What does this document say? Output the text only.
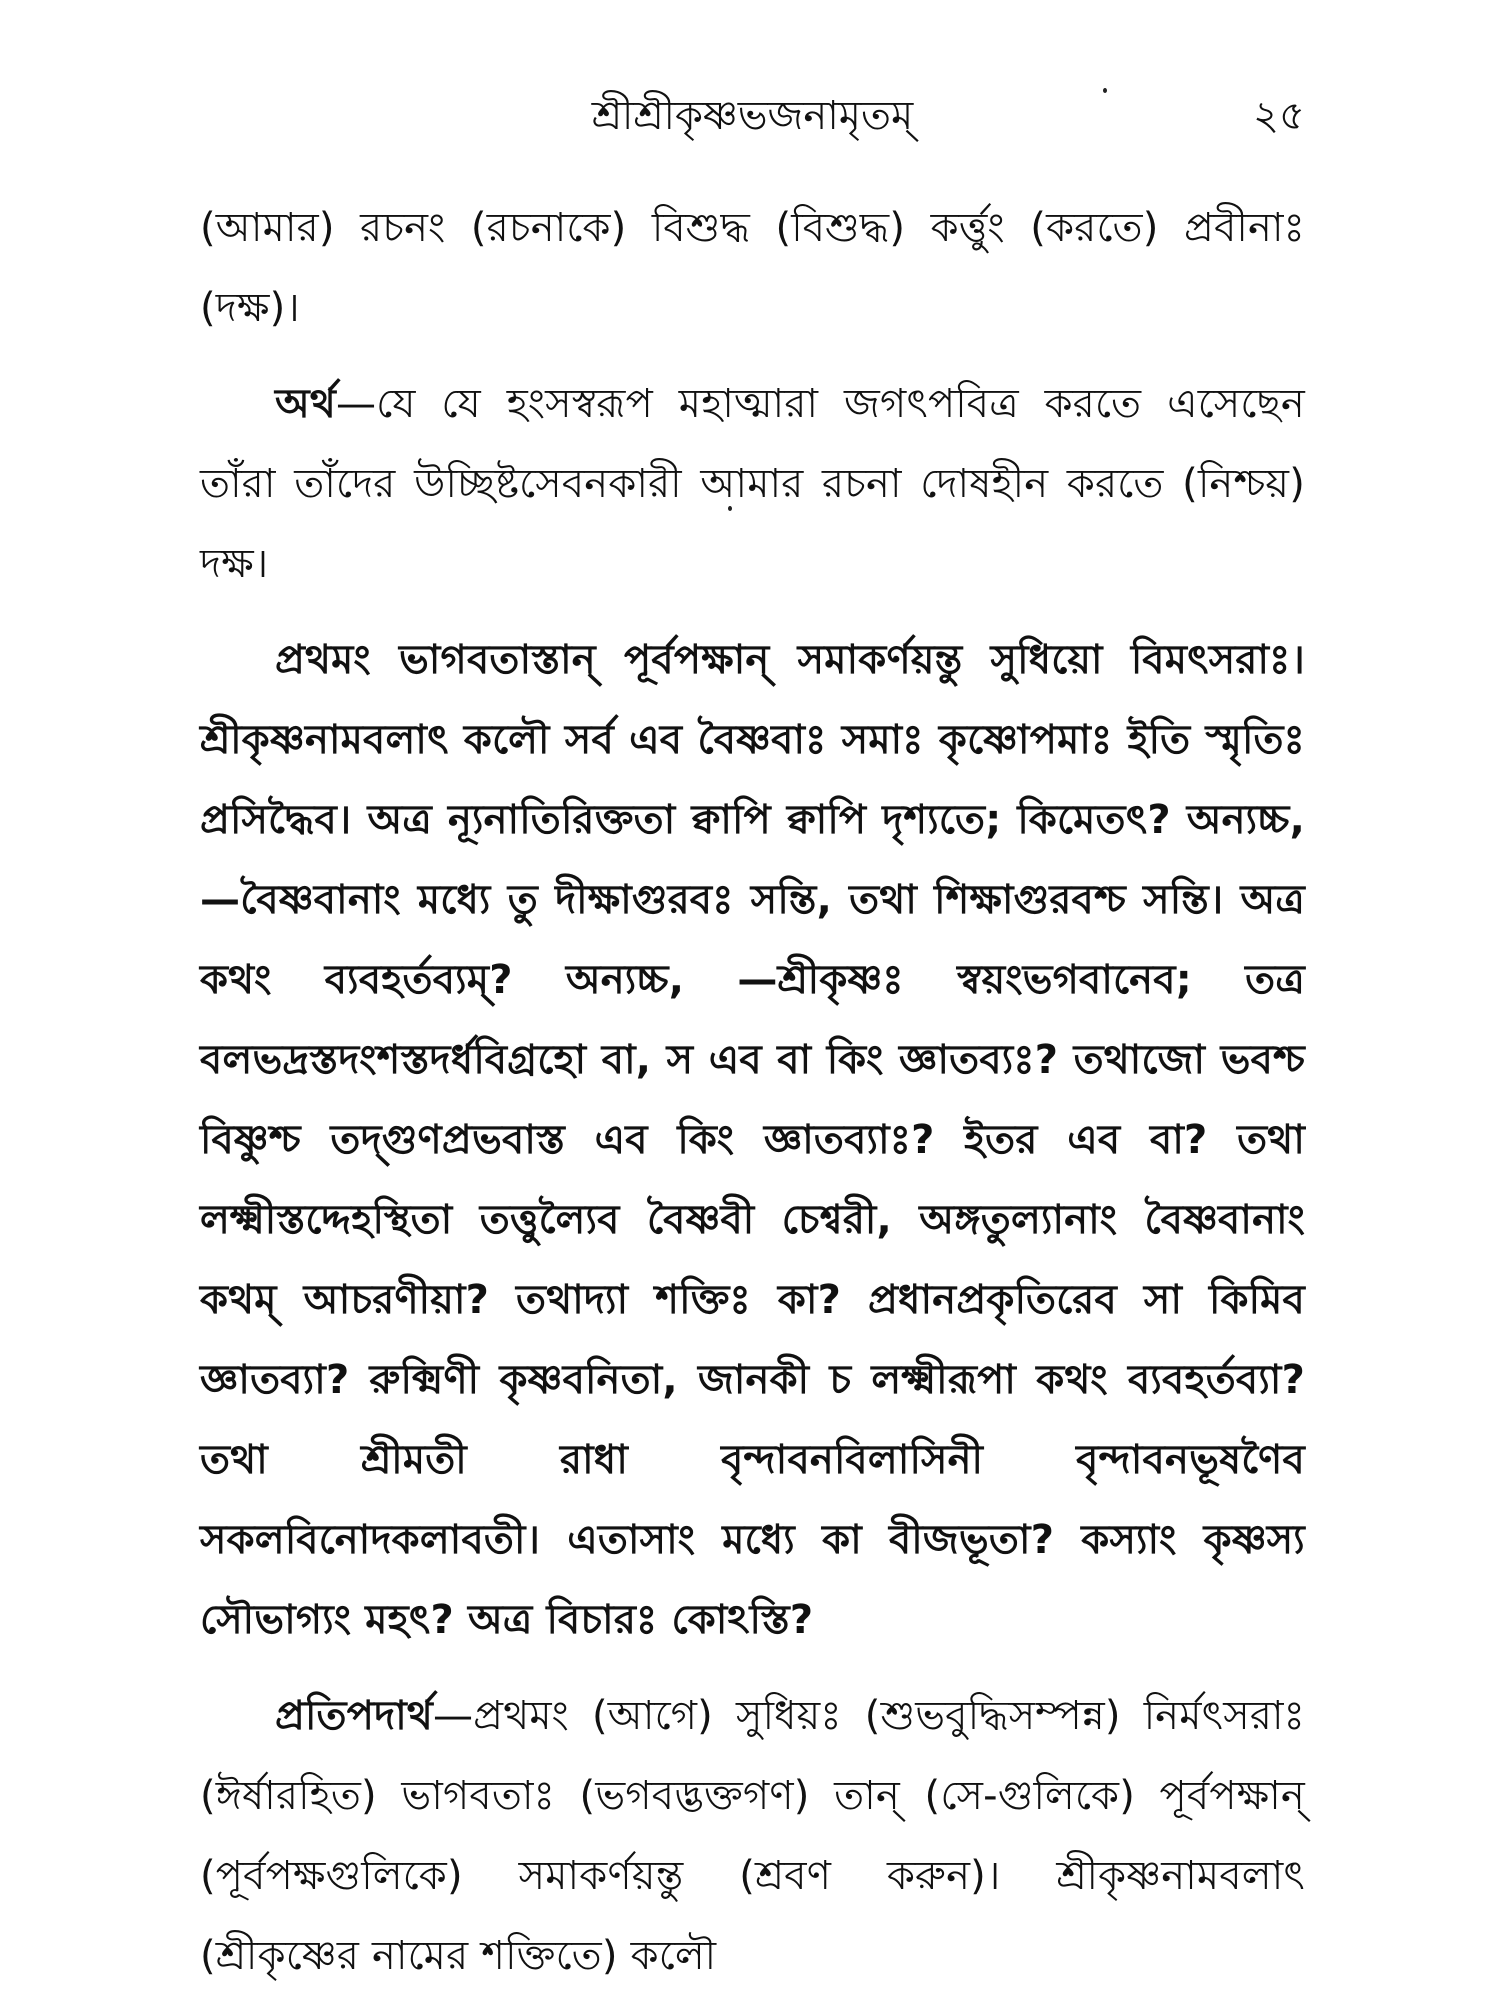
শ্রীশ্রীকৃষ্ণভজনামৃতম্	২৫

(আমার) রচনং (রচনাকে) বিশুদ্ধ (বিশুদ্ধ) কর্ত্তুং (করতে) প্রবীনাঃ (দক্ষ)।

অর্থ—যে যে হংসস্বরূপ মহাত্মারা জগৎপবিত্র করতে এসেছেন তাঁরা তাঁদের উচ্ছিষ্টসেবনকারী আমার রচনা দোষহীন করতে (নিশ্চয়) দক্ষ।

প্রথমং ভাগবতাস্তান্ পূর্বপক্ষান্ সমাকর্ণয়ন্তু সুধিয়ো বিমৎসরাঃ। শ্রীকৃষ্ণনামবলাৎ কলৌ সর্ব এব বৈষ্ণবাঃ সমাঃ কৃষ্ণোপমাঃ ইতি স্মৃতিঃ প্রসিদ্ধৈব। অত্র ন্যূনাতিরিক্ততা ক্বাপি ক্বাপি দৃশ্যতে; কিমেতৎ? অন্যচ্চ, —বৈষ্ণবানাং মধ্যে তু দীক্ষাগুরবঃ সন্তি, তথা শিক্ষাগুরবশ্চ সন্তি। অত্র কথং ব্যবহর্তব্যম্? অন্যচ্চ, —শ্রীকৃষ্ণঃ স্বয়ংভগবানেব; তত্র বলভদ্রস্তদংশস্তদর্ধবিগ্রহো বা, স এব বা কিং জ্ঞাতব্যঃ? তথাজো ভবশ্চ বিষ্ণুশ্চ তদ্গুণপ্রভবাস্ত এব কিং জ্ঞাতব্যাঃ? ইতর এব বা? তথা লক্ষ্মীস্তদ্দেহস্থিতা তত্তুল্যৈব বৈষ্ণবী চেশ্বরী, অঙ্গতুল্যানাং বৈষ্ণবানাং কথম্ আচরণীয়া? তথাদ্যা শক্তিঃ কা? প্রধানপ্রকৃতিরেব সা কিমিব জ্ঞাতব্যা? রুক্মিণী কৃষ্ণবনিতা, জানকী চ লক্ষ্মীরূপা কথং ব্যবহর্তব্যা? তথা শ্রীমতী রাধা বৃন্দাবনবিলাসিনী বৃন্দাবনভূষণৈব সকলবিনোদকলাবতী। এতাসাং মধ্যে কা বীজভূতা? কস্যাং কৃষ্ণস্য সৌভাগ্যং মহৎ? অত্র বিচারঃ কোঽস্তি?

প্রতিপদার্থ—প্রথমং (আগে) সুধিয়ঃ (শুভবুদ্ধিসম্পন্ন) নির্মৎসরাঃ (ঈর্ষারহিত) ভাগবতাঃ (ভগবদ্ভক্তগণ) তান্ (সে-গুলিকে) পূর্বপক্ষান্ (পূর্বপক্ষগুলিকে) সমাকর্ণয়ন্তু (শ্রবণ করুন)। শ্রীকৃষ্ণনামবলাৎ (শ্রীকৃষ্ণের নামের শক্তিতে) কলৌ
